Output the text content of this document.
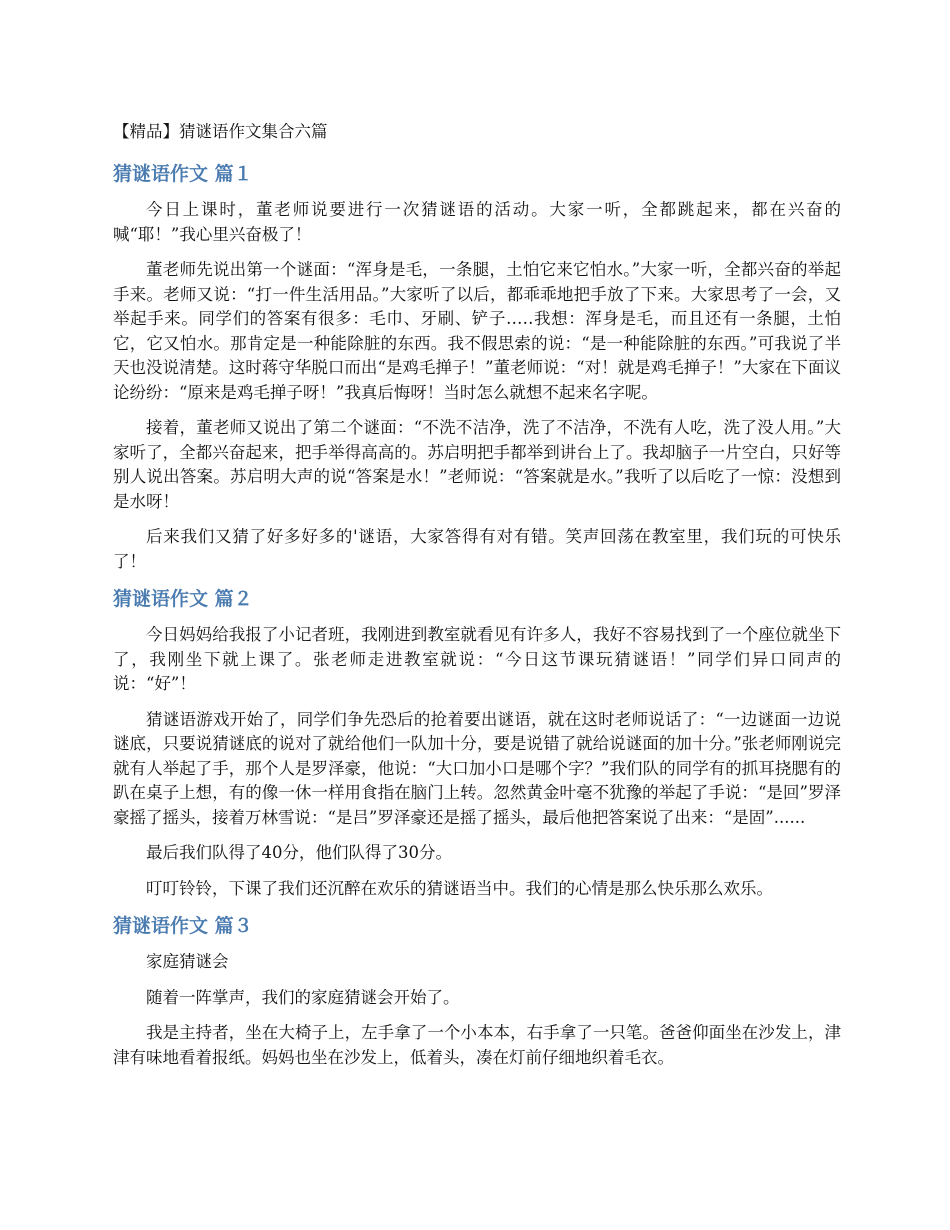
【精品】猜谜语作文集合六篇
猜谜语作文 篇１

今日上课时，董老师说要进行一次猜谜语的活动。大家一听，全都跳起来，都在兴奋的喊“耶！”我心里兴奋极了！

董老师先说出第一个谜面：“浑身是毛，一条腿，土怕它来它怕水。”大家一听，全都兴奋的举起手来。老师又说：“打一件生活用品。”大家听了以后，都乖乖地把手放了下来。大家思考了一会，又举起手来。同学们的答案有很多：毛巾、牙刷、铲子…‥我想：浑身是毛，而且还有一条腿，土怕它，它又怕水。那肯定是一种能除脏的东西。我不假思索的说：“是一种能除脏的东西。”可我说了半天也没说清楚。这时蒋守华脱口而出“是鸡毛掸子！”董老师说：“对！就是鸡毛掸子！”大家在下面议论纷纷：“原来是鸡毛掸子呀！”我真后悔呀！当时怎么就想不起来名字呢。

接着，董老师又说出了第二个谜面：“不洗不洁净，洗了不洁净，不洗有人吃，洗了没人用。”大家听了，全都兴奋起来，把手举得高高的。苏启明把手都举到讲台上了。我却脑子一片空白，只好等别人说出答案。苏启明大声的说“答案是水！”老师说：“答案就是水。”我听了以后吃了一惊：没想到是水呀！

后来我们又猜了好多好多的'谜语，大家答得有对有错。笑声回荡在教室里，我们玩的可快乐了！

猜谜语作文 篇２

今日妈妈给我报了小记者班，我刚进到教室就看见有许多人，我好不容易找到了一个座位就坐下了，我刚坐下就上课了。张老师走进教室就说：“今日这节课玩猜谜语！”同学们异口同声的说：“好”！

猜谜语游戏开始了，同学们争先恐后的抢着要出谜语，就在这时老师说话了：“一边谜面一边说谜底，只要说猜谜底的说对了就给他们一队加十分，要是说错了就给说谜面的加十分。”张老师刚说完就有人举起了手，那个人是罗泽豪，他说：“大口加小口是哪个字？”我们队的同学有的抓耳挠腮有的趴在桌子上想，有的像一休一样用食指在脑门上转。忽然黄金叶毫不犹豫的举起了手说：“是回”罗泽豪摇了摇头，接着万林雪说：“是吕”罗泽豪还是摇了摇头，最后他把答案说了出来：“是固”......

最后我们队得了40分，他们队得了30分。

叮叮铃铃，下课了我们还沉醉在欢乐的猜谜语当中。我们的心情是那么快乐那么欢乐。

猜谜语作文 篇３

家庭猜谜会

随着一阵掌声，我们的家庭猜谜会开始了。

我是主持者，坐在大椅子上，左手拿了一个小本本，右手拿了一只笔。爸爸仰面坐在沙发上，津津有味地看着报纸。妈妈也坐在沙发上，低着头，凑在灯前仔细地织着毛衣。
